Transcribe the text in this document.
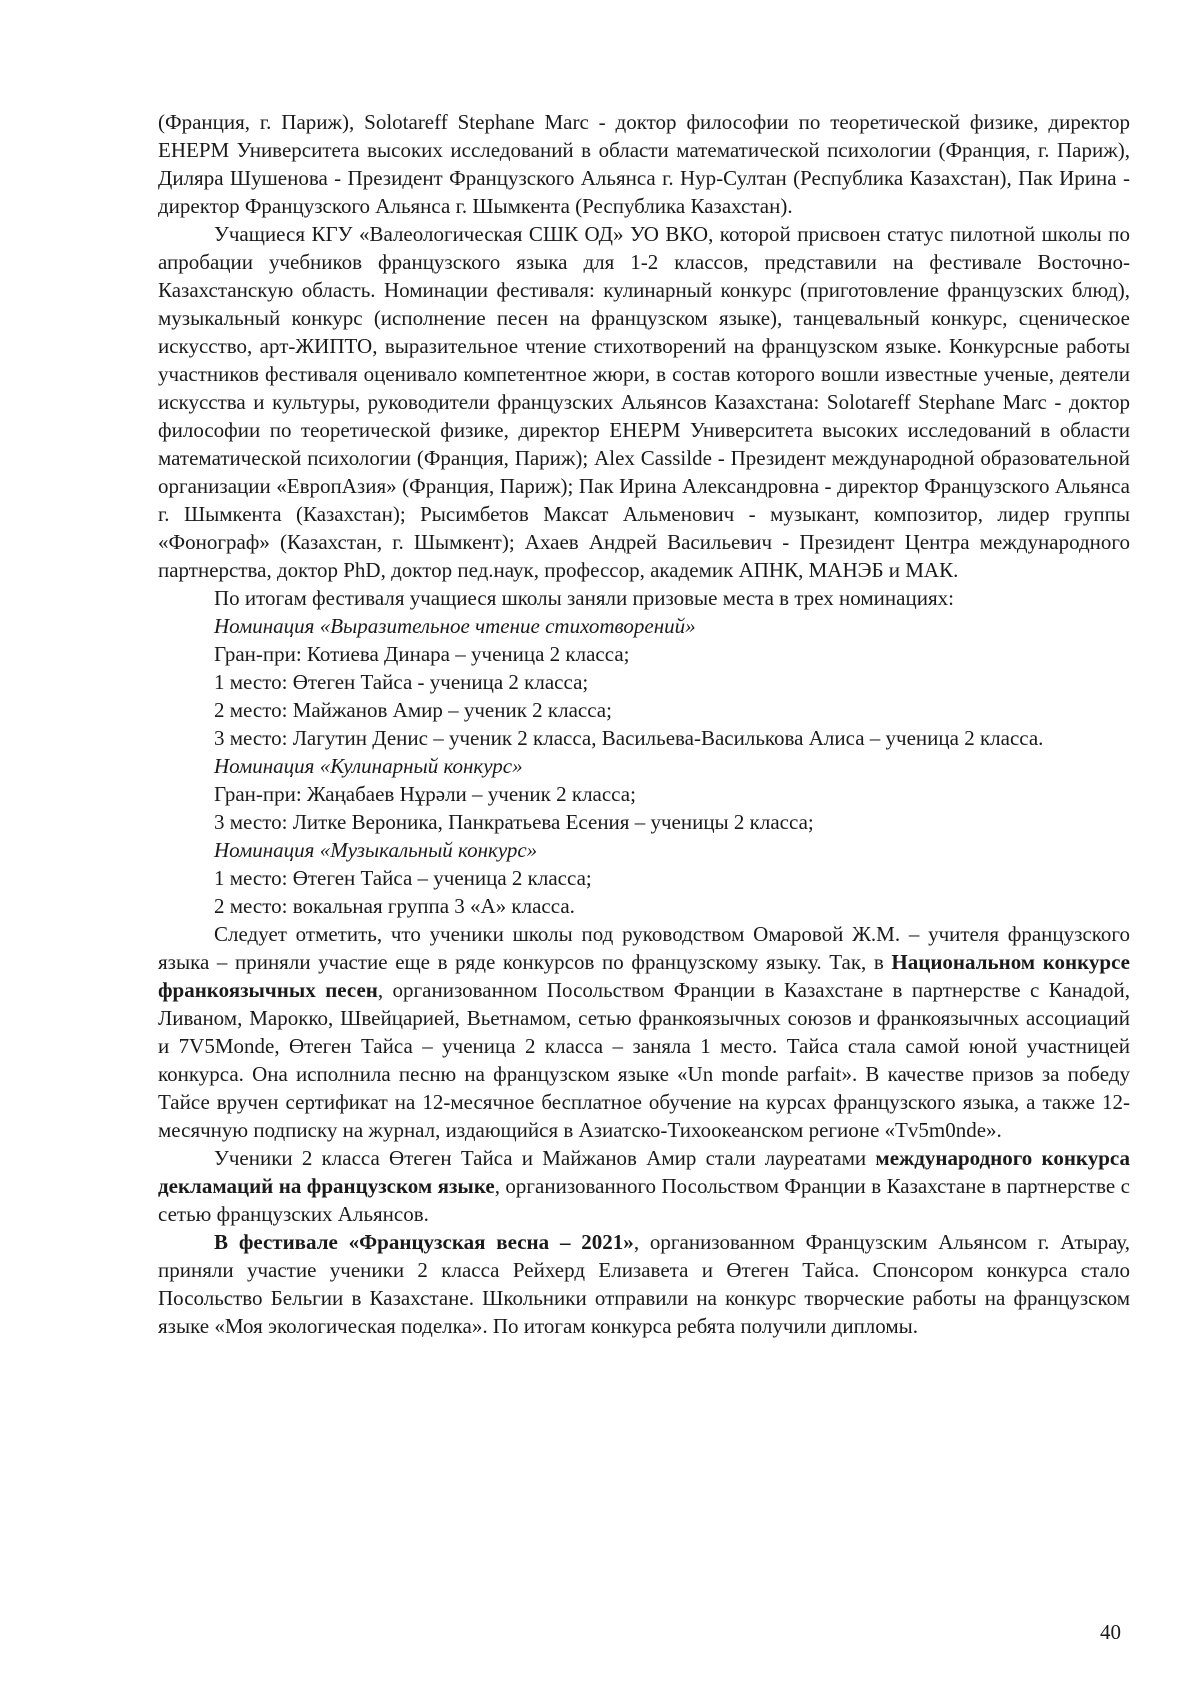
(Франция, г. Париж), Solotareff Stephane Marc - доктор философии по теоретической физике, директор EHEPM Университета высоких исследований в области математической психологии (Франция, г. Париж), Диляра Шушенова - Президент Французского Альянса г. Нур-Султан (Республика Казахстан), Пак Ирина - директор Французского Альянса г. Шымкента (Республика Казахстан).

Учащиеся КГУ «Валеологическая СШК ОД» УО ВКО, которой присвоен статус пилотной школы по апробации учебников французского языка для 1-2 классов, представили на фестивале Восточно-Казахстанскую область. Номинации фестиваля: кулинарный конкурс (приготовление французских блюд), музыкальный конкурс (исполнение песен на французском языке), танцевальный конкурс, сценическое искусство, арт-ЖИПТО, выразительное чтение стихотворений на французском языке. Конкурсные работы участников фестиваля оценивало компетентное жюри, в состав которого вошли известные ученые, деятели искусства и культуры, руководители французских Альянсов Казахстана: Solotareff Stephane Marc - доктор философии по теоретической физике, директор EHEPM Университета высоких исследований в области математической психологии (Франция, Париж); Alex Cassilde - Президент международной образовательной организации «ЕвропАзия» (Франция, Париж); Пак Ирина Александровна - директор Французского Альянса г. Шымкента (Казахстан); Рысимбетов Максат Альменович - музыкант, композитор, лидер группы «Фонограф» (Казахстан, г. Шымкент); Ахаев Андрей Васильевич - Президент Центра международного партнерства, доктор PhD, доктор пед.наук, профессор, академик АПНК, МАНЭБ и МАК.

По итогам фестиваля учащиеся школы заняли призовые места в трех номинациях:

Номинация «Выразительное чтение стихотворений»

Гран-при: Котиева Динара – ученица 2 класса;

1 место: Өтеген Тайса - ученица 2 класса;

2 место: Майжанов Амир – ученик 2 класса;

3 место: Лагутин Денис – ученик 2 класса, Васильева-Василькова Алиса – ученица 2 класса.

Номинация «Кулинарный конкурс»

Гран-при: Жаңабаев Нұрәли – ученик 2 класса;

3 место: Литке Вероника, Панкратьева Есения – ученицы 2 класса;

Номинация «Музыкальный конкурс»

1 место: Өтеген Тайса – ученица 2 класса;

2 место: вокальная группа 3 «А» класса.

Следует отметить, что ученики школы под руководством Омаровой Ж.М. – учителя французского языка – приняли участие еще в ряде конкурсов по французскому языку. Так, в Национальном конкурсе франкоязычных песен, организованном Посольством Франции в Казахстане в партнерстве с Канадой, Ливаном, Марокко, Швейцарией, Вьетнамом, сетью франкоязычных союзов и франкоязычных ассоциаций и 7V5Monde, Өтеген Тайса – ученица 2 класса – заняла 1 место. Тайса стала самой юной участницей конкурса. Она исполнила песню на французском языке «Un monde parfait». В качестве призов за победу Тайсе вручен сертификат на 12-месячное бесплатное обучение на курсах французского языка, а также 12-месячную подписку на журнал, издающийся в Азиатско-Тихоокеанском регионе «Tv5m0nde».

Ученики 2 класса Өтеген Тайса и Майжанов Амир стали лауреатами международного конкурса декламаций на французском языке, организованного Посольством Франции в Казахстане в партнерстве с сетью французских Альянсов.

В фестивале «Французская весна – 2021», организованном Французским Альянсом г. Атырау, приняли участие ученики 2 класса Рейхерд Елизавета и Өтеген Тайса. Спонсором конкурса стало Посольство Бельгии в Казахстане. Школьники отправили на конкурс творческие работы на французском языке «Моя экологическая поделка». По итогам конкурса ребята получили дипломы.

40
